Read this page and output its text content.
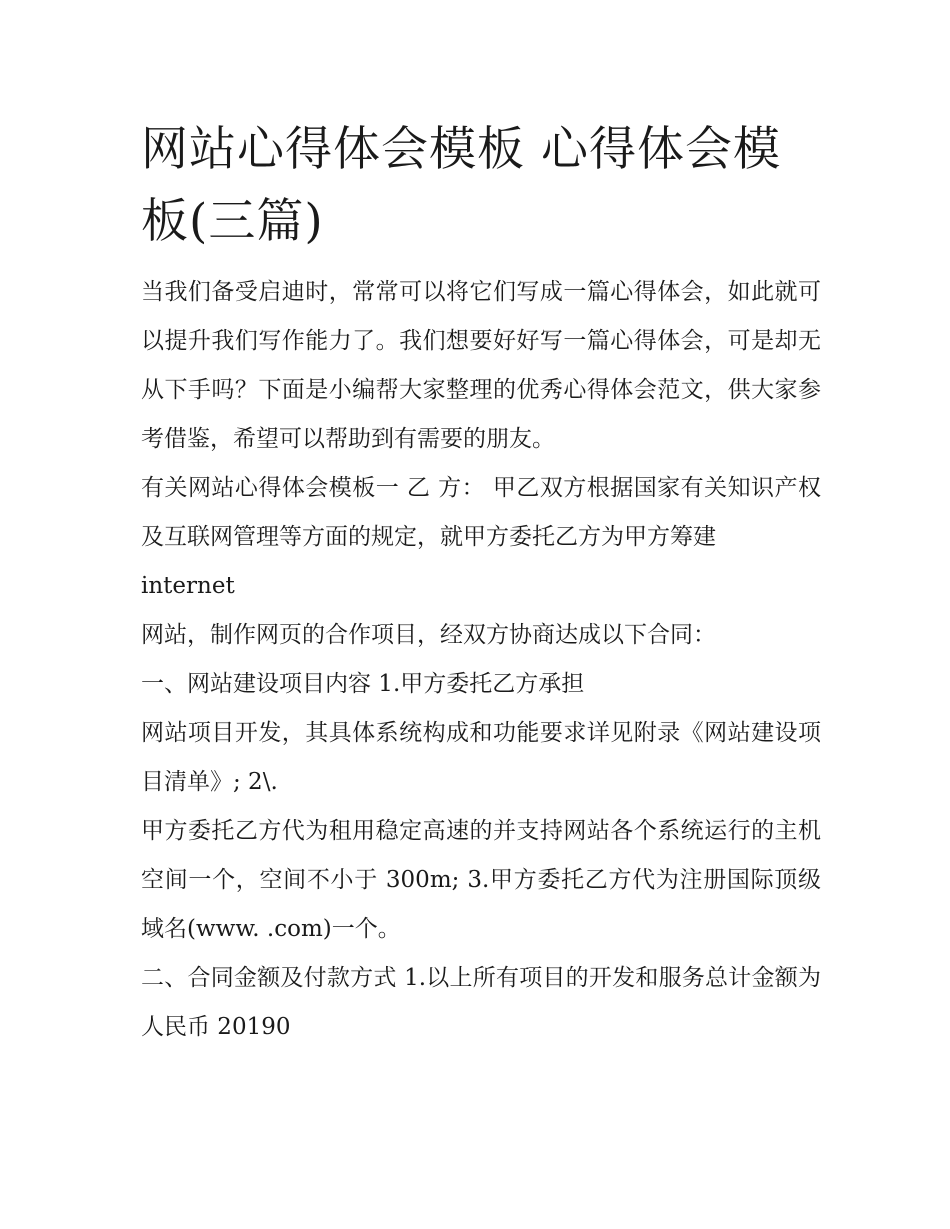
网站心得体会模板 心得体会模板(三篇)

当我们备受启迪时，常常可以将它们写成一篇心得体会，如此就可以提升我们写作能力了。我们想要好好写一篇心得体会，可是却无从下手吗？下面是小编帮大家整理的优秀心得体会范文，供大家参考借鉴，希望可以帮助到有需要的朋友。

有关网站心得体会模板一 乙 方： 甲乙双方根据国家有关知识产权及互联网管理等方面的规定，就甲方委托乙方为甲方筹建

internet

网站，制作网页的合作项目，经双方协商达成以下合同：

一、网站建设项目内容 1.甲方委托乙方承担

网站项目开发，其具体系统构成和功能要求详见附录《网站建设项目清单》; 2\.

甲方委托乙方代为租用稳定高速的并支持网站各个系统运行的主机空间一个，空间不小于 300m; 3.甲方委托乙方代为注册国际顶级域名(www. .com)一个。

二、合同金额及付款方式 1.以上所有项目的开发和服务总计金额为人民币 20190
